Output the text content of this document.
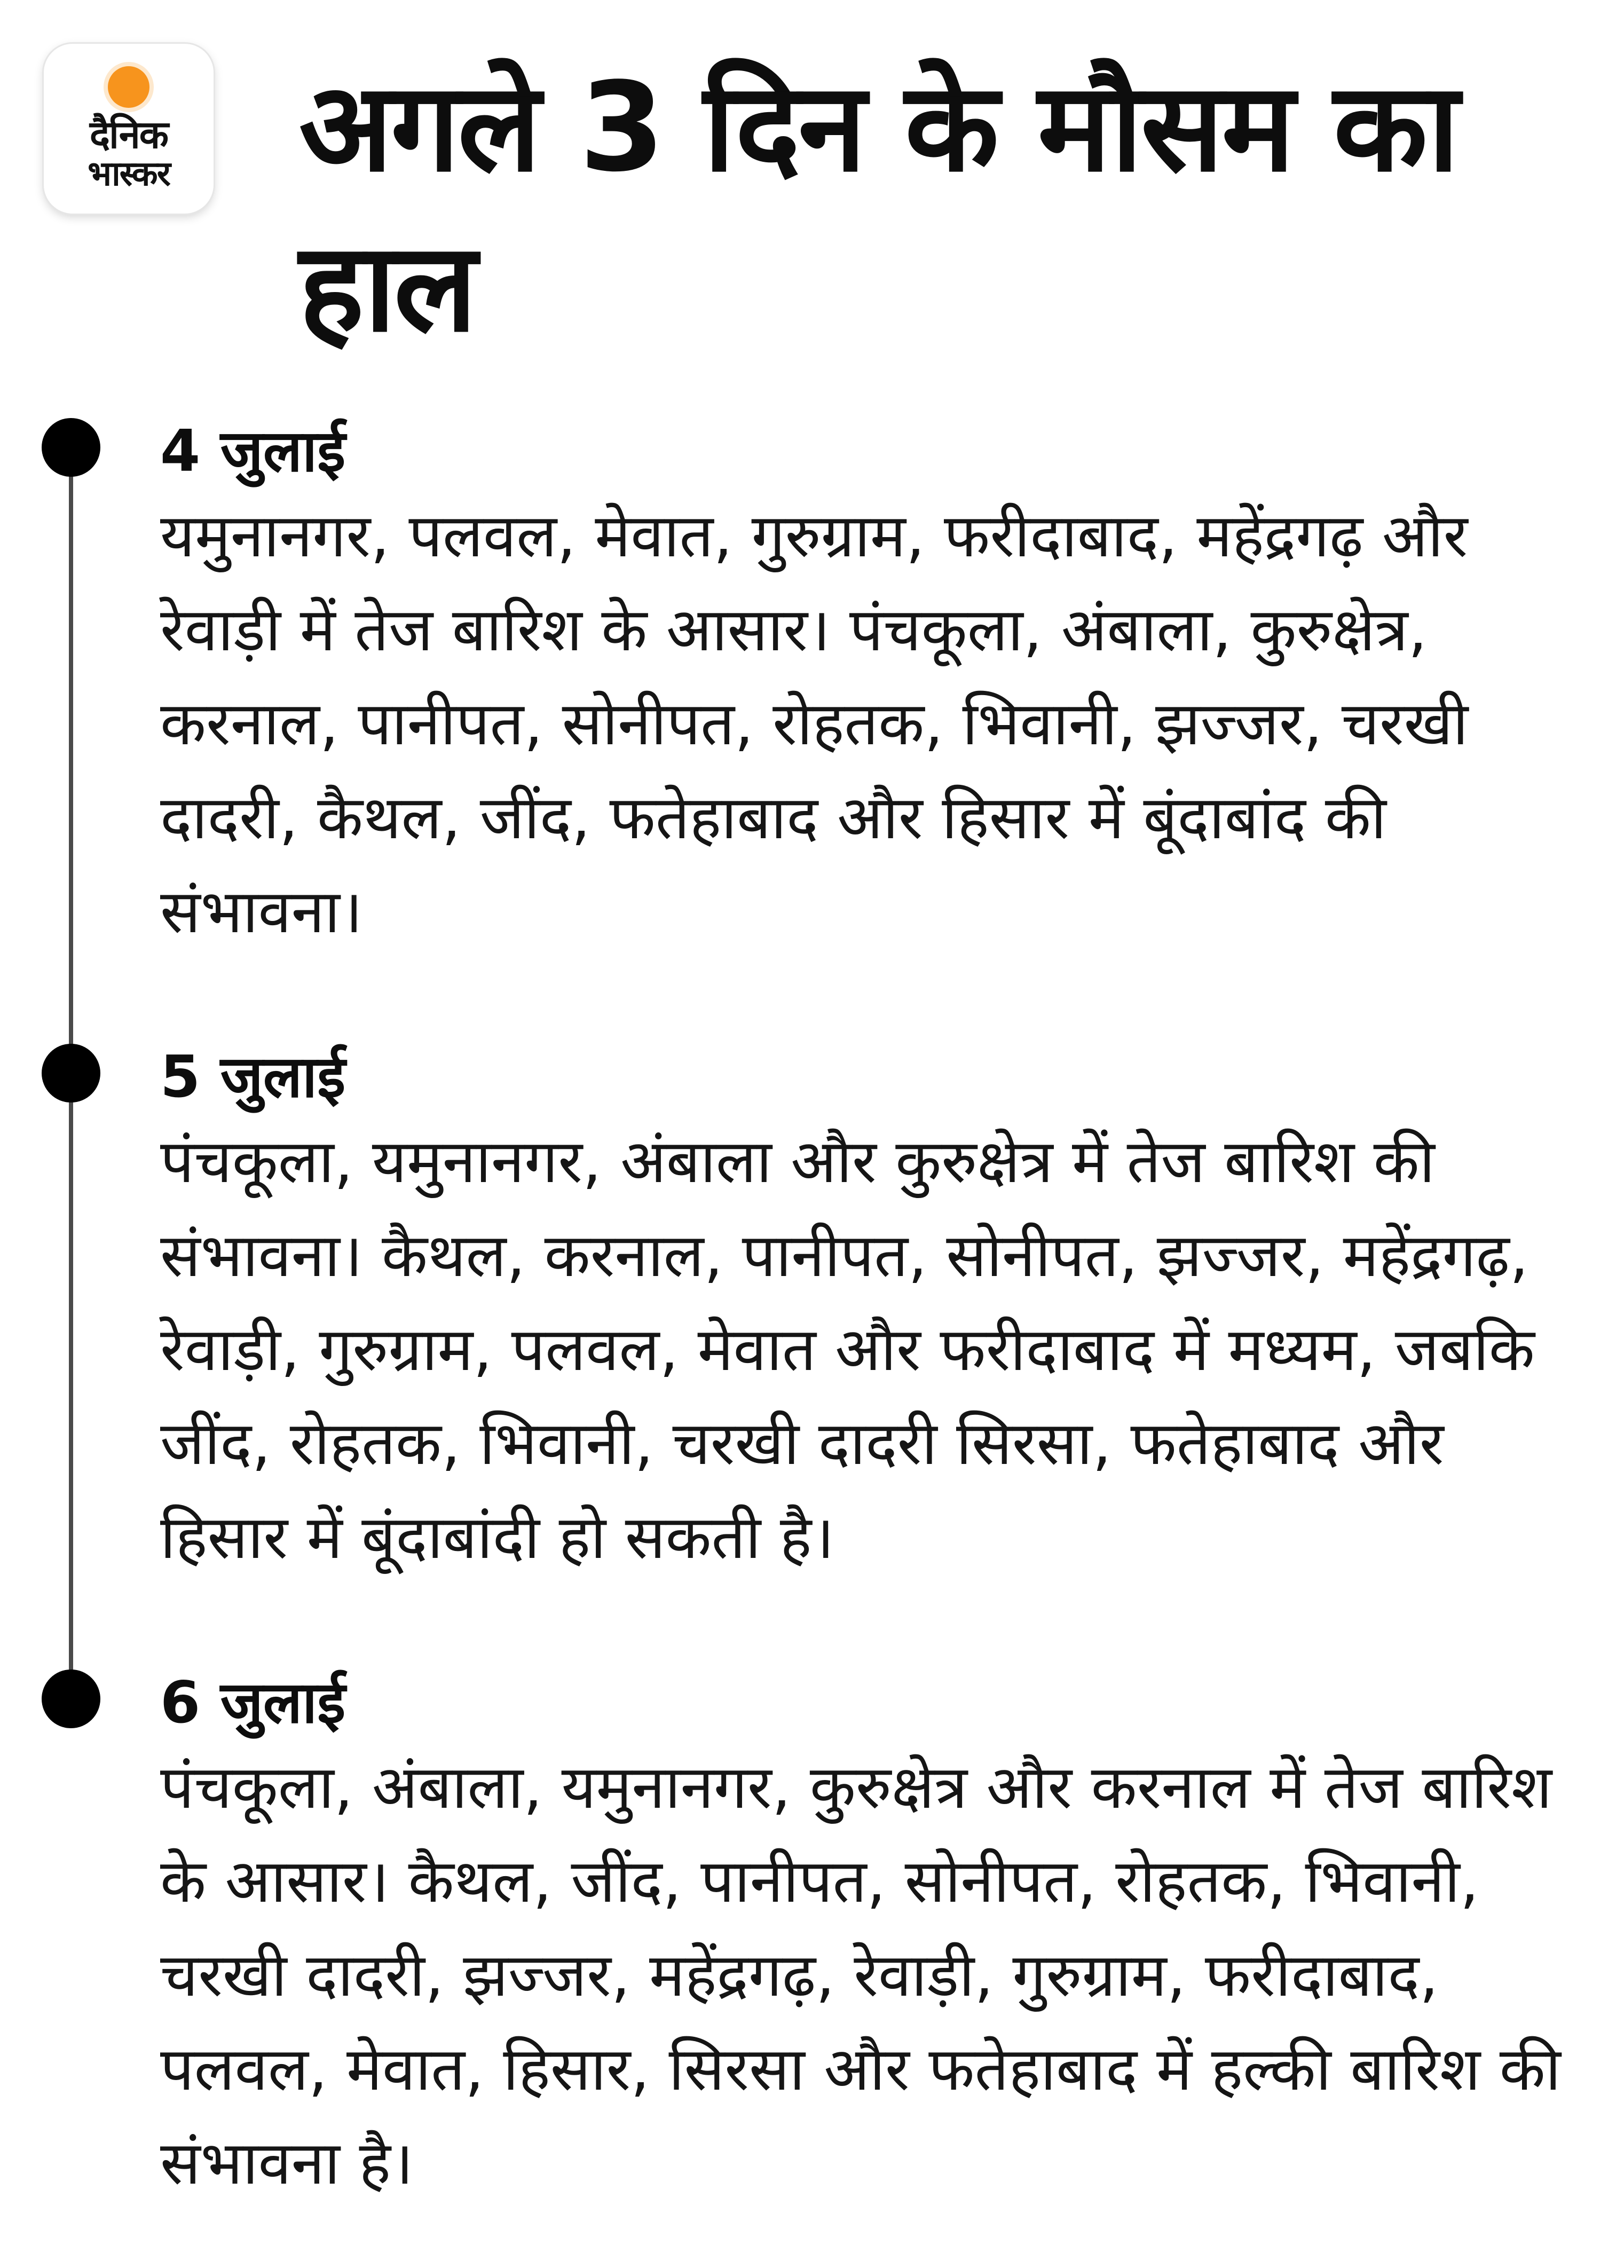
दैनिक
भास्कर	अगले 3 दिन के मौसम का हाल

4 जुलाई

यमुनानगर, पलवल, मेवात, गुरुग्राम, फरीदाबाद, महेंद्रगढ़ और रेवाड़ी में तेज बारिश के आसार। पंचकूला, अंबाला, कुरुक्षेत्र, करनाल, पानीपत, सोनीपत, रोहतक, भिवानी, झज्जर, चरखी दादरी, कैथल, जींद, फतेहाबाद और हिसार में बूंदाबांद की संभावना।

5 जुलाई

पंचकूला, यमुनानगर, अंबाला और कुरुक्षेत्र में तेज बारिश की संभावना। कैथल, करनाल, पानीपत, सोनीपत, झज्जर, महेंद्रगढ़, रेवाड़ी, गुरुग्राम, पलवल, मेवात और फरीदाबाद में मध्यम, जबकि जींद, रोहतक, भिवानी, चरखी दादरी सिरसा, फतेहाबाद और हिसार में बूंदाबांदी हो सकती है।

6 जुलाई

पंचकूला, अंबाला, यमुनानगर, कुरुक्षेत्र और करनाल में तेज बारिश के आसार। कैथल, जींद, पानीपत, सोनीपत, रोहतक, भिवानी, चरखी दादरी, झज्जर, महेंद्रगढ़, रेवाड़ी, गुरुग्राम, फरीदाबाद, पलवल, मेवात, हिसार, सिरसा और फतेहाबाद में हल्की बारिश की संभावना है।
